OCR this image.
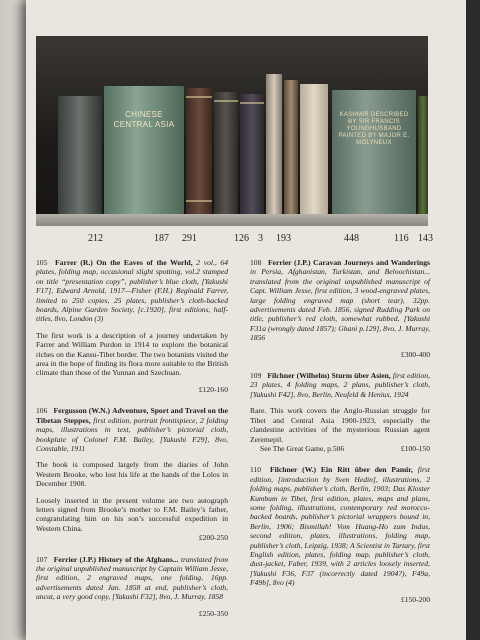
CHINESE CENTRAL ASIA
KASHMIR DESCRIBED BY SIR FRANCIS YOUNGHUSBAND PAINTED BY MAJOR E. MOLYNEUX
212	187 291	126 3 193	448	116 143
105 Farrer (R.) On the Eaves of the World, 2 vol., 64 plates, folding map, occasional slight spotting, vol.2 stamped on title “presentation copy”, publisher’s blue cloth, [Yakushi F17], Edward Arnold, 1917—Fisher (F.H.) Reginald Farrer, limited to 250 copies, 25 plates, publisher’s cloth-backed boards, Alpine Garden Society, [c.1920], first editions, half-titles, 8vo, London (3)
The first work is a description of a journey undertaken by Farrer and William Purdon in 1914 to explore the botanical riches on the Kansu-Tibet border. The two botanists visited the area in the hope of finding its flora more suitable to the British climate than those of the Yunnan and Szechuan.
£120-160
106 Fergusson (W.N.) Adventure, Sport and Travel on the Tibetan Steppes, first edition, portrait frontispiece, 2 folding maps, illustrations in text, publisher’s pictorial cloth, bookplate of Colonel F.M. Bailey, [Yakushi F29], 8vo, Constable, 1911
The book is composed largely from the diaries of John Western Brooke, who lost his life at the hands of the Lolos in December 1908.
Loosely inserted in the present volume are two autograph letters signed from Brooke’s mother to F.M. Bailey’s father, congratulating him on his son’s successful expedition in Western China.
£200-250
107 Ferrier (J.P.) History of the Afghans... translated from the original unpublished manuscript by Captain William Jesse, first edition, 2 engraved maps, one folding, 16pp. advertisements dated Jan. 1858 at end, publisher’s cloth, uncut, a very good copy, [Yakushi F32], 8vo, J. Murray, 1858
£250-350
108 Ferrier (J.P.) Caravan Journeys and Wanderings in Persia, Afghanistan, Turkistan, and Beloochistan... translated from the original unpublished manuscript of Capt. William Jesse, first edition, 3 wood-engraved plates, large folding engraved map (short tear), 32pp. advertisements dated Feb. 1856, signed Rudding Park on title, publisher’s red cloth, somewhat rubbed, [Yakushi F31a (wrongly dated 1857); Ghani p.129], 8vo, J. Murray, 1856
£300-400
109 Filchner (Wilhelm) Sturm über Asien, first edition, 23 plates, 4 folding maps, 2 plans, publisher’s cloth, [Yakushi F42], 8vo, Berlin, Neufeld & Henius, 1924
Rare. This work covers the Anglo-Russian struggle for Tibet and Central Asia 1900-1923, especially the clandestine activities of the mysterious Russian agent Zeremepil.
See The Great Game, p.506	£100-150
110 Filchner (W.) Ein Ritt über den Pamir, first edition, [introduction by Sven Hedin], illustrations, 2 folding maps, publisher’s cloth, Berlin, 1903; Das Kloster Kumbum in Tibet, first edition, plates, maps and plans, some folding, illustrations, contemporary red morocco-backed boards, publisher’s pictorial wrappers bound in, Berlin, 1906; Bismillah! Vom Huang-Ho zum Indus, second edition, plates, illustrations, folding map, publisher’s cloth, Leipzig, 1938; A Scientist in Tartary, first English edition, plates, folding map, publisher’s cloth, dust-jacket, Faber, 1939, with 2 articles loosely inserted, [Yakushi F36, F37 (incorrectly dated 1904?), F49a, F49b], 8vo (4)
£150-200
